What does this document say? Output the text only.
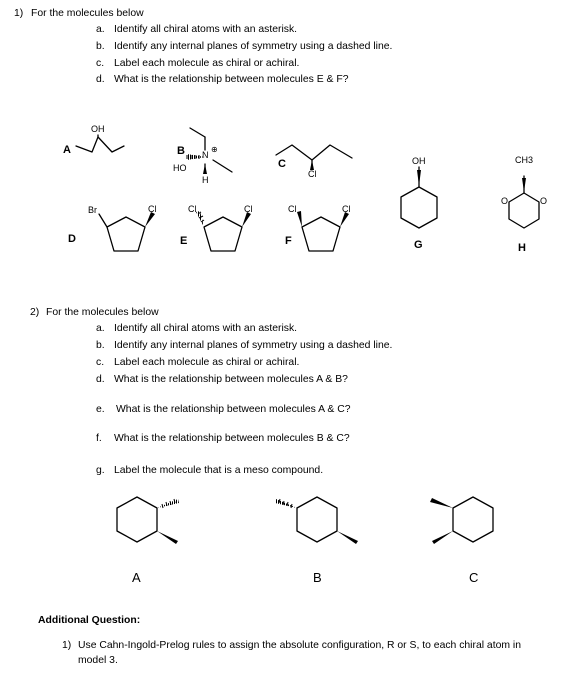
1) For the molecules below
a. Identify all chiral atoms with an asterisk.
b. Identify any internal planes of symmetry using a dashed line.
c. Label each molecule as chiral or achiral.
d. What is the relationship between molecules E & F?
A	B
C
D	E	F	G	H
OH
HO
N
⊕
H
Cl
OH	CH3
O	O
Br	Cl	Cl	Cl	Cl	Cl
2) For the molecules below
a. Identify all chiral atoms with an asterisk.
b. Identify any internal planes of symmetry using a dashed line.
c. Label each molecule as chiral or achiral.
d. What is the relationship between molecules A & B?
e. What is the relationship between molecules A & C?
f. What is the relationship between molecules B & C?
g. Label the molecule that is a meso compound.
A	B	C
Additional Question:
1) Use Cahn-Ingold-Prelog rules to assign the absolute configuration, R or S, to each chiral atom in
model 3.
